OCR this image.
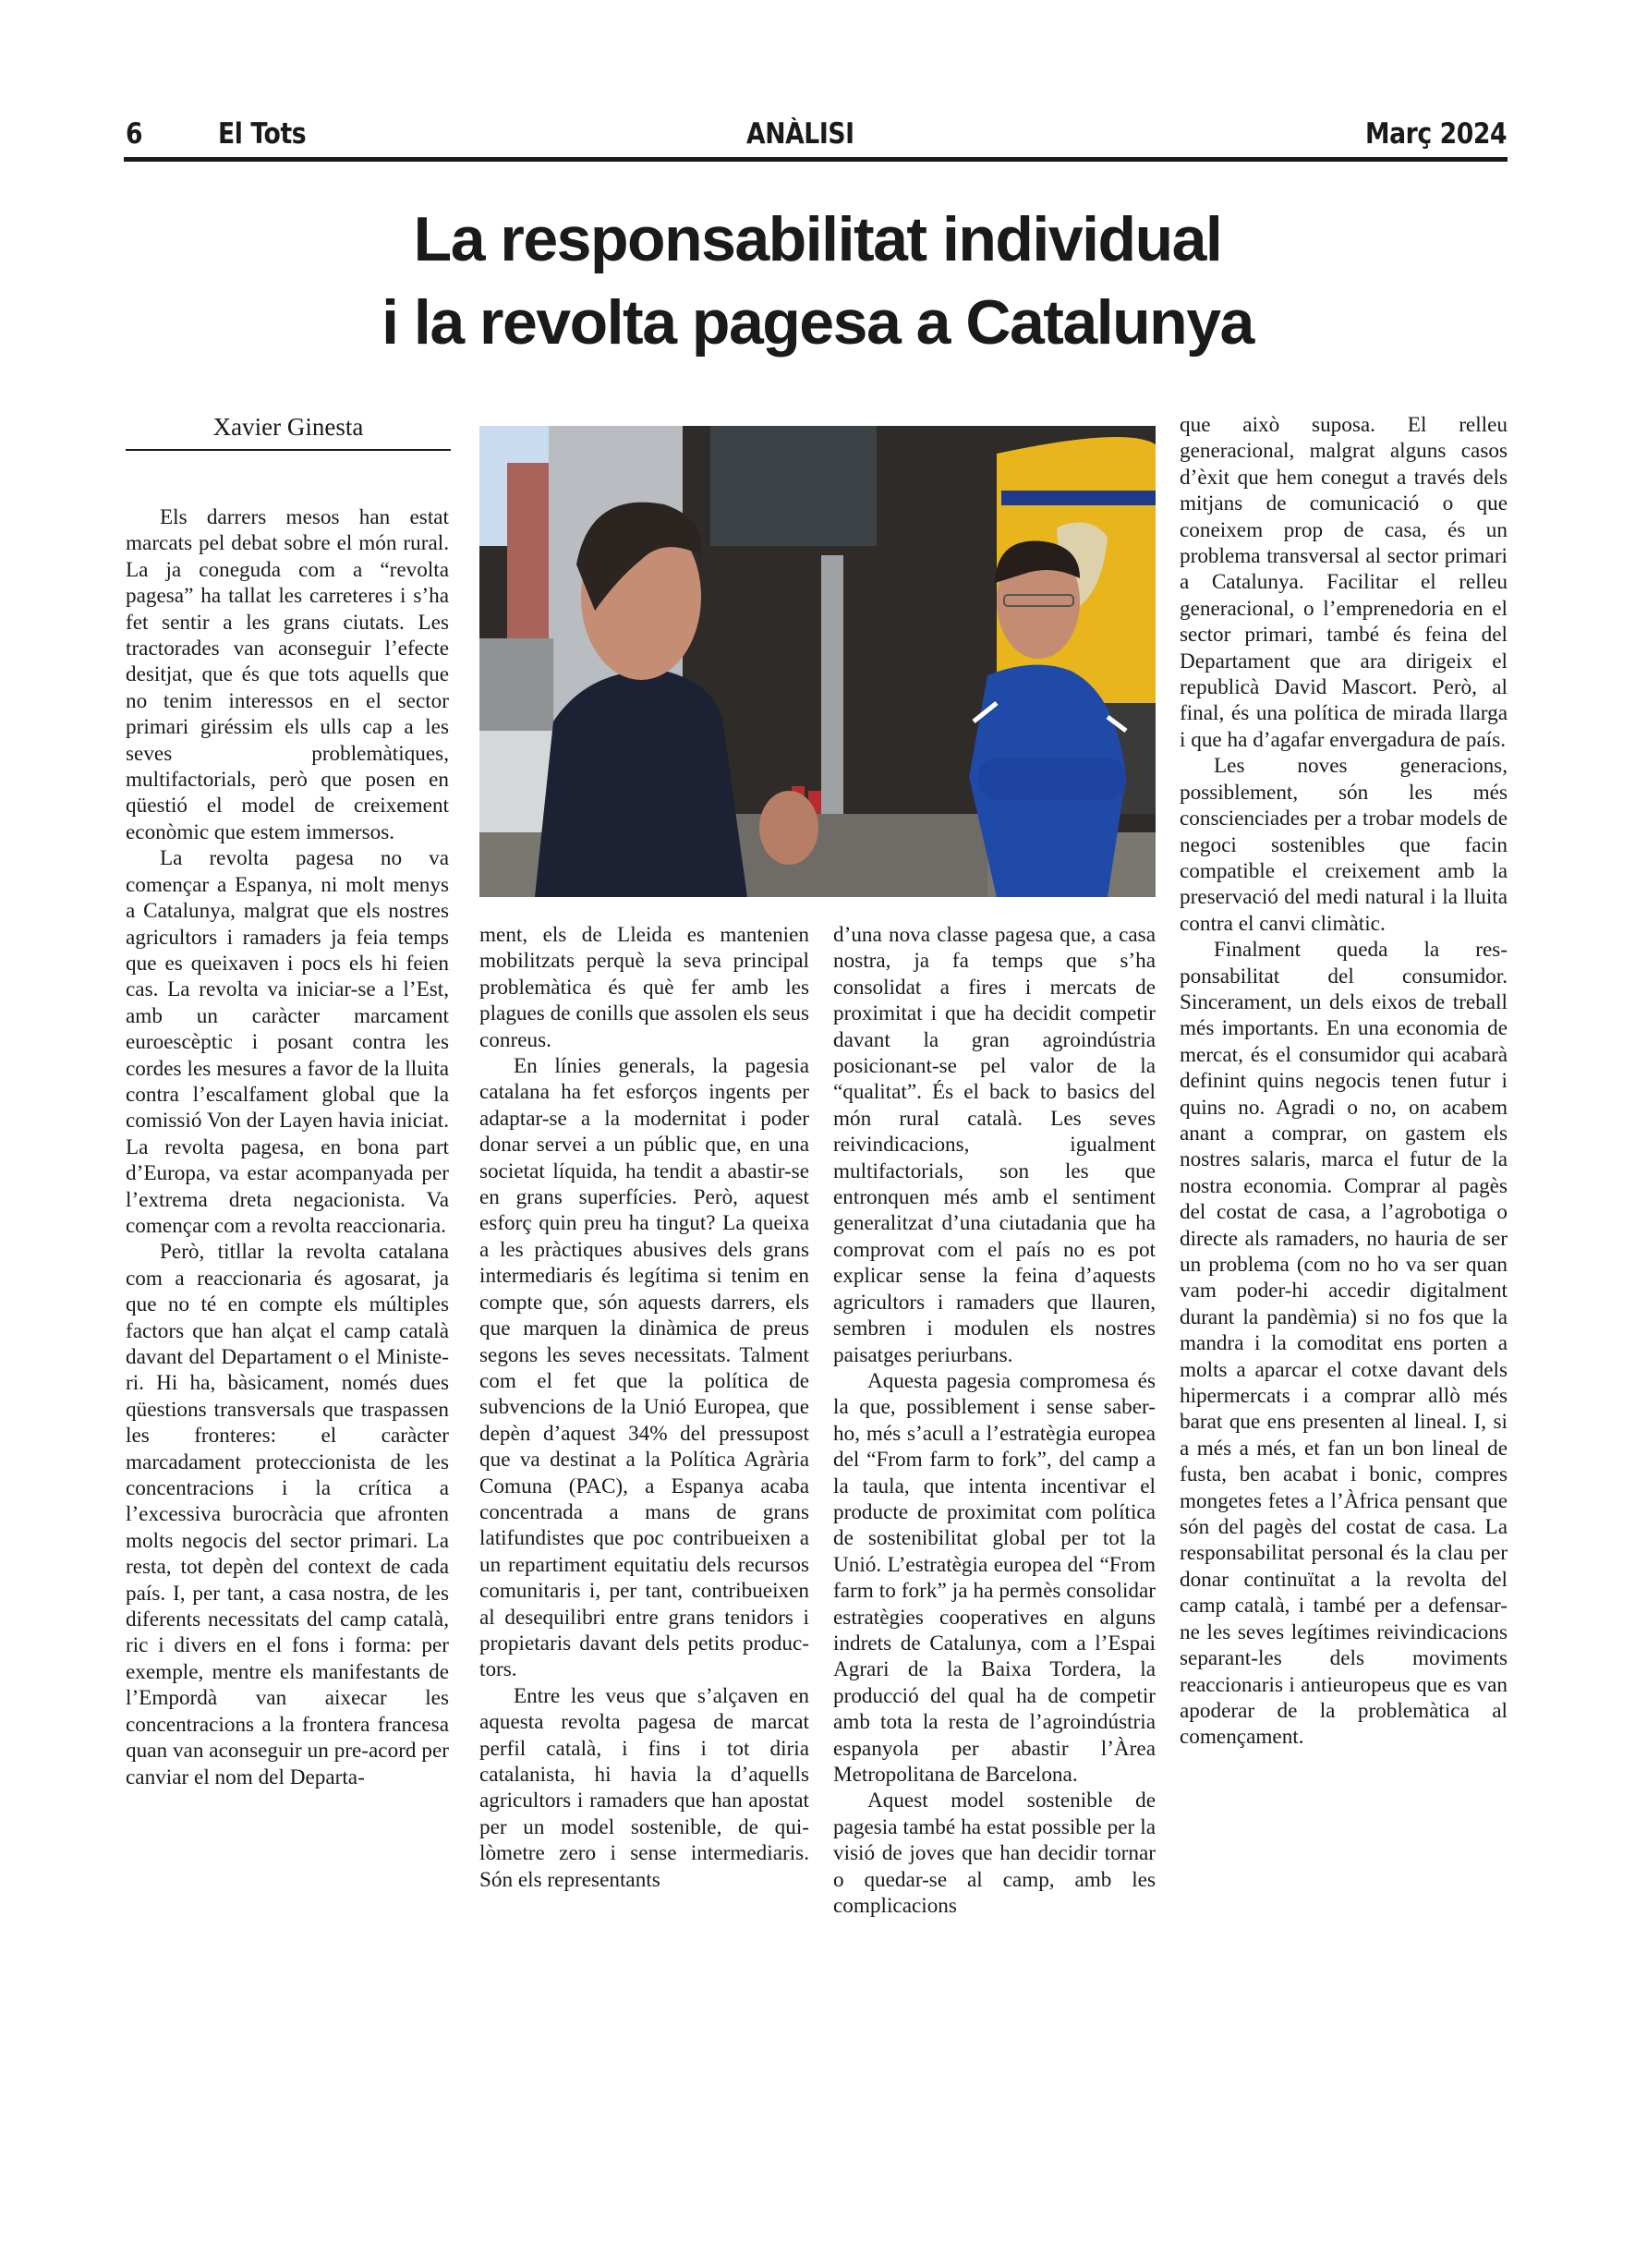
6	El Tots	ANÀLISI	Març 2024
La responsabilitat individual
i la revolta pagesa a Catalunya
Xavier Ginesta

Els darrers mesos han estat marcats pel debat sobre el món rural. La ja coneguda com a “revolta pagesa” ha tallat les carreteres i s’ha fet sentir a les grans ciutats. Les tractorades van aconseguir l’efecte desitjat, que és que tots aquells que no tenim interessos en el sector primari giréssim els ulls cap a les seves problemàtiques, multifactorials, però que posen en qüestió el model de creixement econòmic que estem immersos.

La revolta pagesa no va començar a Espanya, ni molt menys a Catalunya, malgrat que els nostres agricultors i ramaders ja feia temps que es queixaven i pocs els hi feien cas. La revolta va iniciar-se a l’Est, amb un caràcter marcament euroescèptic i posant contra les cordes les mesures a favor de la lluita contra l’escalfament global que la comissió Von der Layen havia iniciat. La revolta pagesa, en bona part d’Europa, va estar acompanyada per l’extrema dreta negacionista. Va començar com a revolta reaccionaria.

Però, titllar la revolta catalana com a reaccionaria és agosarat, ja que no té en compte els múltiples factors que han alçat el camp català davant del Departament o el Ministeri. Hi ha, bàsicament, només dues qüestions transversals que traspassen les fronteres: el caràcter marcadament proteccionista de les concentracions i la crítica a l’excessiva burocràcia que afronten molts negocis del sector primari. La resta, tot depèn del context de cada país. I, per tant, a casa nostra, de les diferents necessitats del camp català, ric i divers en el fons i forma: per exemple, mentre els manifestants de l’Empordà van aixecar les concentracions a la frontera francesa quan van aconseguir un pre-acord per canviar el nom del Departa-

ment, els de Lleida es mantenien mobilitzats perquè la seva principal problemàtica és què fer amb les plagues de conills que assolen els seus conreus.

En línies generals, la pagesia catalana ha fet esforços ingents per adaptar-se a la modernitat i poder donar servei a un públic que, en una societat líquida, ha tendit a abastir-se en grans superfícies. Però, aquest esforç quin preu ha tingut? La queixa a les pràctiques abusives dels grans intermediaris és legítima si tenim en compte que, són aquests darrers, els que marquen la dinàmica de preus segons les seves necessitats. Talment com el fet que la política de subvencions de la Unió Europea, que depèn d’aquest 34% del pressupost que va destinat a la Política Agrària Comuna (PAC), a Espanya acaba concentrada a mans de grans latifundistes que poc contribueixen a un repartiment equitatiu dels recursos comunitaris i, per tant, contribueixen al desequilibri entre grans tenidors i propietaris davant dels petits productors.

Entre les veus que s’alçaven en aquesta revolta pagesa de marcat perfil català, i fins i tot diria catalanista, hi havia la d’aquells agricultors i ramaders que han apostat per un model sostenible, de quilòmetre zero i sense intermediaris. Són els representants

d’una nova classe pagesa que, a casa nostra, ja fa temps que s’ha consolidat a fires i mercats de proximitat i que ha decidit competir davant la gran agroindústria posicionant-se pel valor de la “qualitat”. És el back to basics del món rural català. Les seves reivindicacions, igualment multifactorials, son les que entronquen més amb el sentiment generalitzat d’una ciutadania que ha comprovat com el país no es pot explicar sense la feina d’aquests agricultors i ramaders que llauren, sembren i modulen els nostres paisatges periurbans.

Aquesta pagesia compromesa és la que, possiblement i sense saber-ho, més s’acull a l’estratègia europea del “From farm to fork”, del camp a la taula, que intenta incentivar el producte de proximitat com política de sostenibilitat global per tot la Unió. L’estratègia europea del “From farm to fork” ja ha permès consolidar estratègies cooperatives en alguns indrets de Catalunya, com a l’Espai Agrari de la Baixa Tordera, la producció del qual ha de competir amb tota la resta de l’agroindústria espanyola per abastir l’Àrea Metropolitana de Barcelona.

Aquest model sostenible de pagesia també ha estat possible per la visió de joves que han decidir tornar o quedar-se al camp, amb les complicacions

que això suposa. El relleu generacional, malgrat alguns casos d’èxit que hem conegut a través dels mitjans de comunicació o que coneixem prop de casa, és un problema transversal al sector primari a Catalunya. Facilitar el relleu generacional, o l’emprenedoria en el sector primari, també és feina del Departament que ara dirigeix el republicà David Mascort. Però, al final, és una política de mirada llarga i que ha d’agafar envergadura de país.

Les noves generacions, possiblement, són les més conscienciades per a trobar models de negoci sostenibles que facin compatible el creixement amb la preservació del medi natural i la lluita contra el canvi climàtic.

Finalment queda la responsabilitat del consumidor. Sincerament, un dels eixos de treball més importants. En una economia de mercat, és el consumidor qui acabarà definint quins negocis tenen futur i quins no. Agradi o no, on acabem anant a comprar, on gastem els nostres salaris, marca el futur de la nostra economia. Comprar al pagès del costat de casa, a l’agrobotiga o directe als ramaders, no hauria de ser un problema (com no ho va ser quan vam poder-hi accedir digitalment durant la pandèmia) si no fos que la mandra i la comoditat ens porten a molts a aparcar el cotxe davant dels hipermercats i a comprar allò més barat que ens presenten al lineal. I, si a més a més, et fan un bon lineal de fusta, ben acabat i bonic, compres mongetes fetes a l’Àfrica pensant que són del pagès del costat de casa. La responsabilitat personal és la clau per donar continuïtat a la revolta del camp català, i també per a defensar-ne les seves legítimes reivindicacions separant-les dels moviments reaccionaris i antieuropeus que es van apoderar de la problemàtica al començament.
